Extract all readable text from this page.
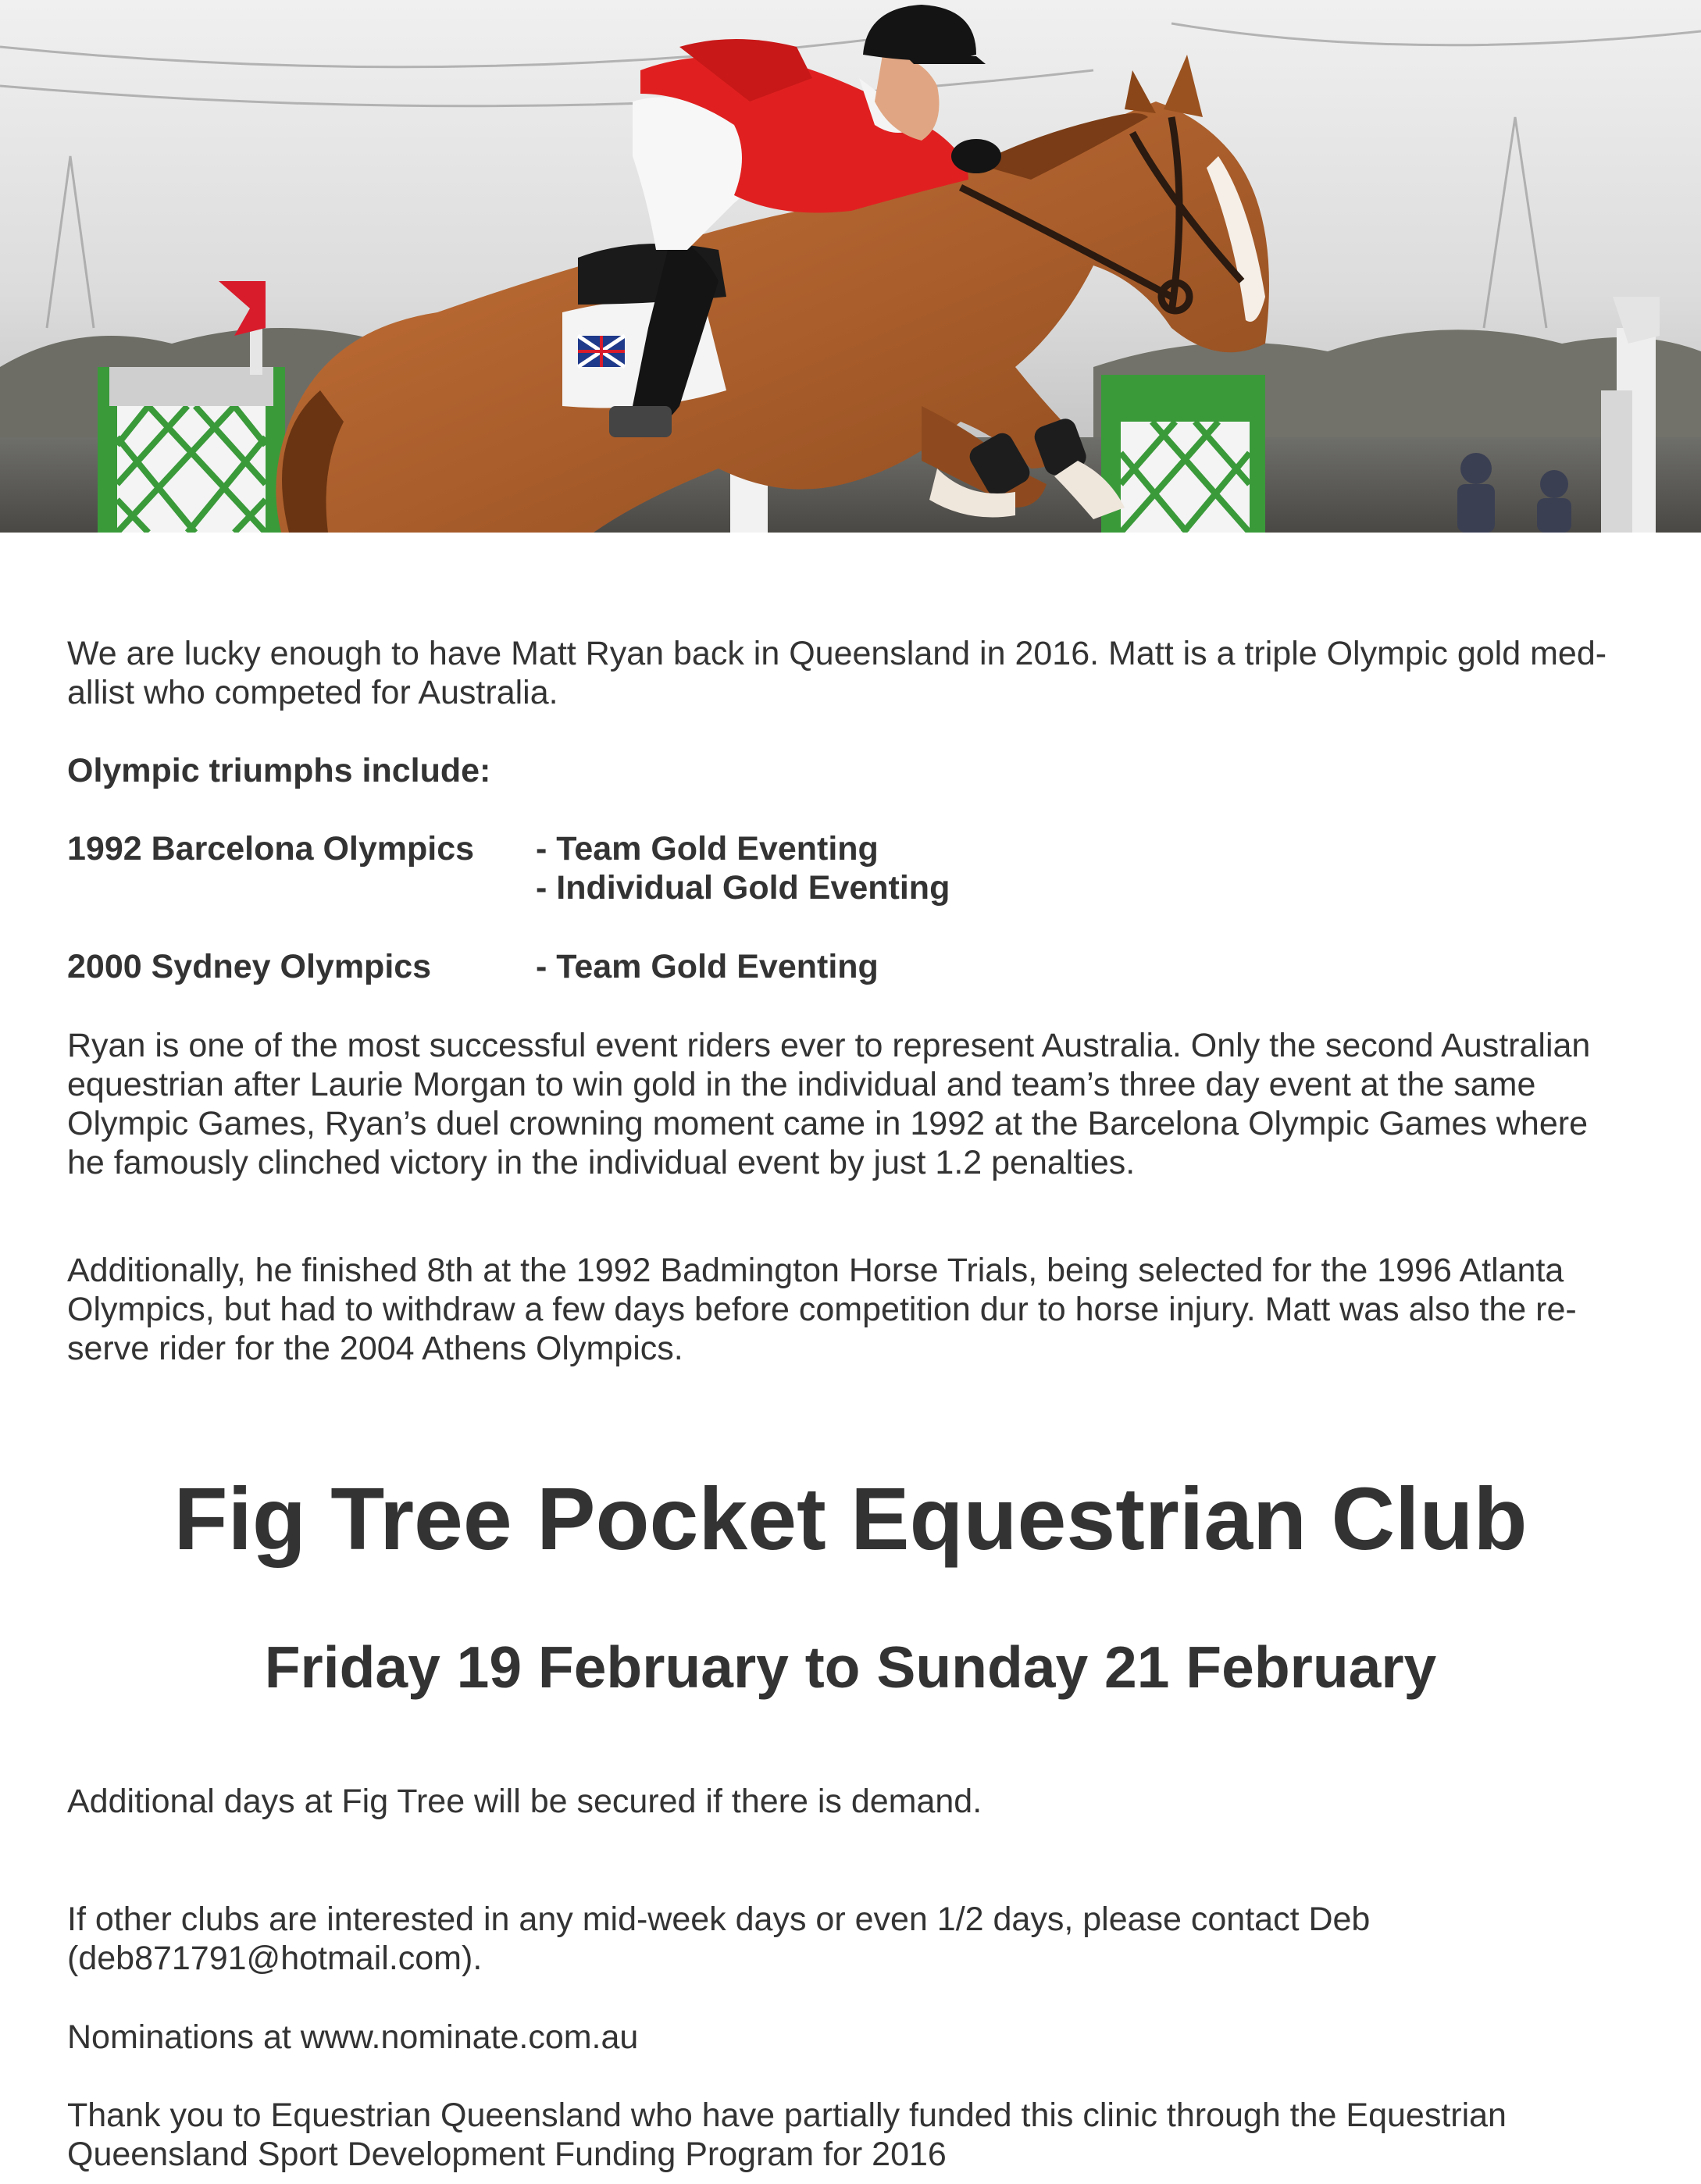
We are lucky enough to have Matt Ryan back in Queensland in 2016. Matt is a triple Olympic gold med-
allist who competed for Australia.
Olympic triumphs include:
1992 Barcelona Olympics - Team Gold Eventing
- Individual Gold Eventing
2000 Sydney Olympics	- Team Gold Eventing
Ryan is one of the most successful event riders ever to represent Australia. Only the second Australian
equestrian after Laurie Morgan to win gold in the individual and team’s three day event at the same
Olympic Games, Ryan’s duel crowning moment came in 1992 at the Barcelona Olympic Games where
he famously clinched victory in the individual event by just 1.2 penalties.
Additionally, he finished 8th at the 1992 Badmington Horse Trials, being selected for the 1996 Atlanta
Olympics, but had to withdraw a few days before competition dur to horse injury. Matt was also the re-
serve rider for the 2004 Athens Olympics.
Fig Tree Pocket Equestrian Club
Friday 19 February to Sunday 21 February
Additional days at Fig Tree will be secured if there is demand.
If other clubs are interested in any mid-week days or even 1/2 days, please contact Deb
(deb871791@hotmail.com).
Nominations at www.nominate.com.au
Thank you to Equestrian Queensland who have partially funded this clinic through the Equestrian
Queensland Sport Development Funding Program for 2016
